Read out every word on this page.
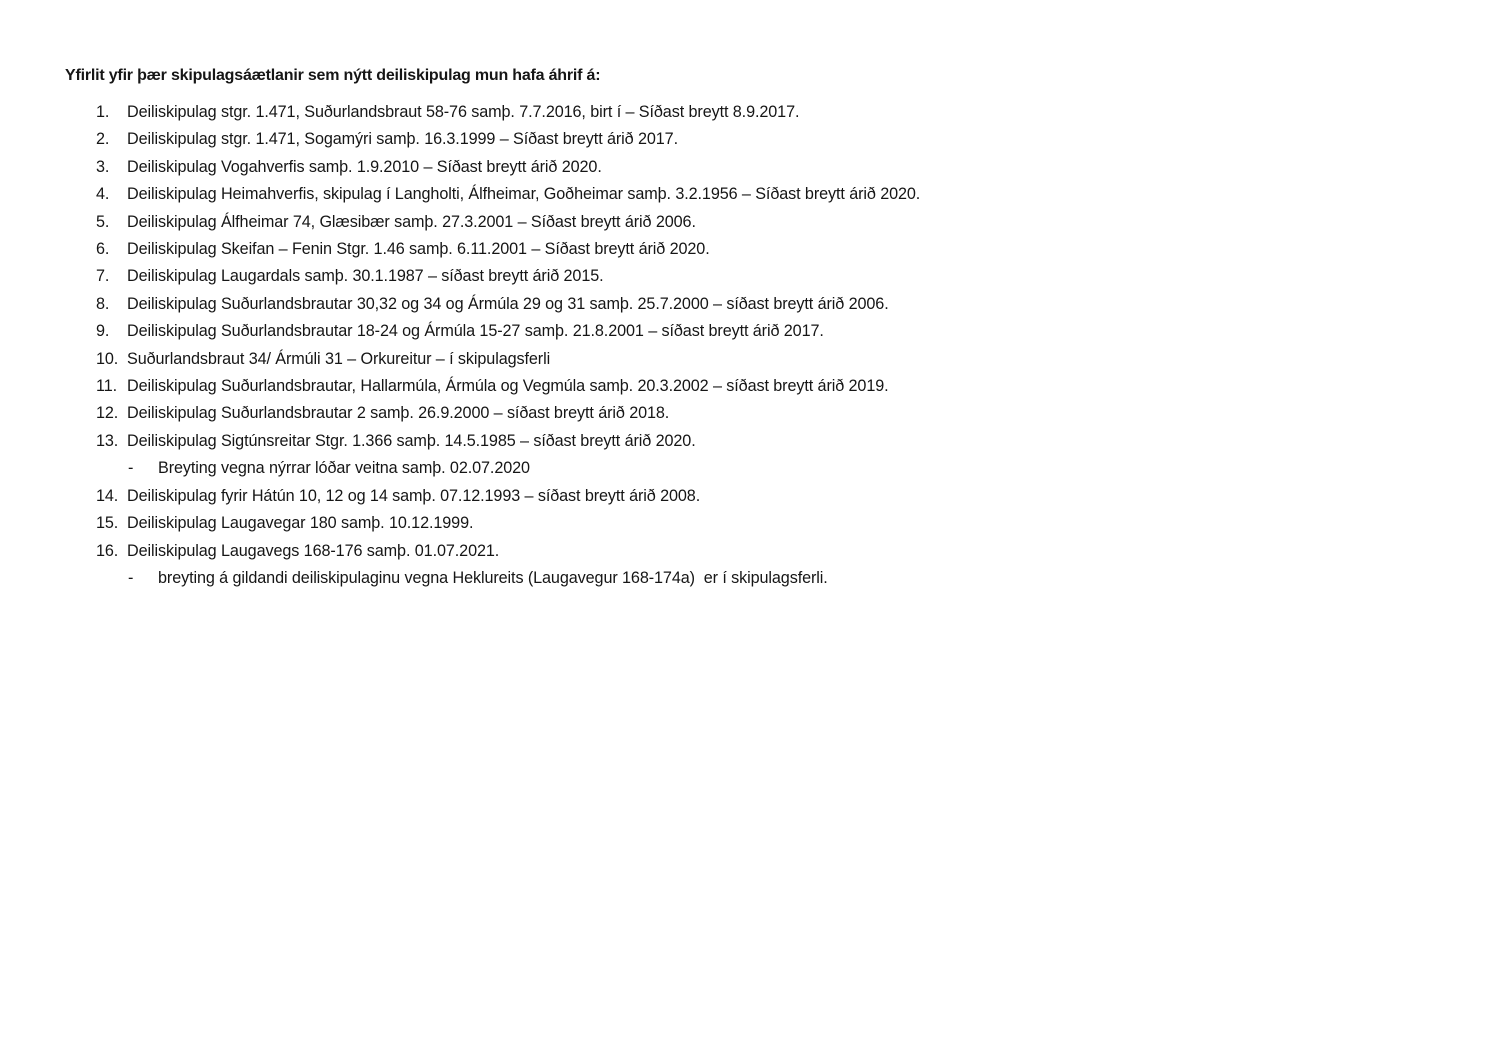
Yfirlit yfir þær skipulagsáætlanir sem nýtt deiliskipulag mun hafa áhrif á:
1.	Deiliskipulag stgr. 1.471, Suðurlandsbraut 58-76 samþ. 7.7.2016, birt í – Síðast breytt 8.9.2017.
2.	Deiliskipulag stgr. 1.471, Sogamýri samþ. 16.3.1999 – Síðast breytt árið 2017.
3.	Deiliskipulag Vogahverfis samþ. 1.9.2010 – Síðast breytt árið 2020.
4.	Deiliskipulag Heimahverfis, skipulag í Langholti, Álfheimar, Goðheimar samþ. 3.2.1956 – Síðast breytt árið 2020.
5.	Deiliskipulag Álfheimar 74, Glæsibær samþ. 27.3.2001 – Síðast breytt árið 2006.
6.	Deiliskipulag Skeifan – Fenin Stgr. 1.46 samþ. 6.11.2001 – Síðast breytt árið 2020.
7.	Deiliskipulag Laugardals samþ. 30.1.1987 – síðast breytt árið 2015.
8.	Deiliskipulag Suðurlandsbrautar 30,32 og 34 og Ármúla 29 og 31 samþ. 25.7.2000 – síðast breytt árið 2006.
9.	Deiliskipulag Suðurlandsbrautar 18-24 og Ármúla 15-27 samþ. 21.8.2001 – síðast breytt árið 2017.
10. Suðurlandsbraut 34/ Ármúli 31 – Orkureitur – í skipulagsferli
11. Deiliskipulag Suðurlandsbrautar, Hallarmúla, Ármúla og Vegmúla samþ. 20.3.2002 – síðast breytt árið 2019.
12. Deiliskipulag Suðurlandsbrautar 2 samþ. 26.9.2000 – síðast breytt árið 2018.
13. Deiliskipulag Sigtúnsreitar Stgr. 1.366 samþ. 14.5.1985 – síðast breytt árið 2020.
-	Breyting vegna nýrrar lóðar veitna samþ. 02.07.2020
14. Deiliskipulag fyrir Hátún 10, 12 og 14 samþ. 07.12.1993 – síðast breytt árið 2008.
15. Deiliskipulag Laugavegar 180 samþ. 10.12.1999.
16. Deiliskipulag Laugavegs 168-176 samþ. 01.07.2021.
-	breyting á gildandi deiliskipulaginu vegna Heklureits (Laugavegur 168-174a)  er í skipulagsferli.
